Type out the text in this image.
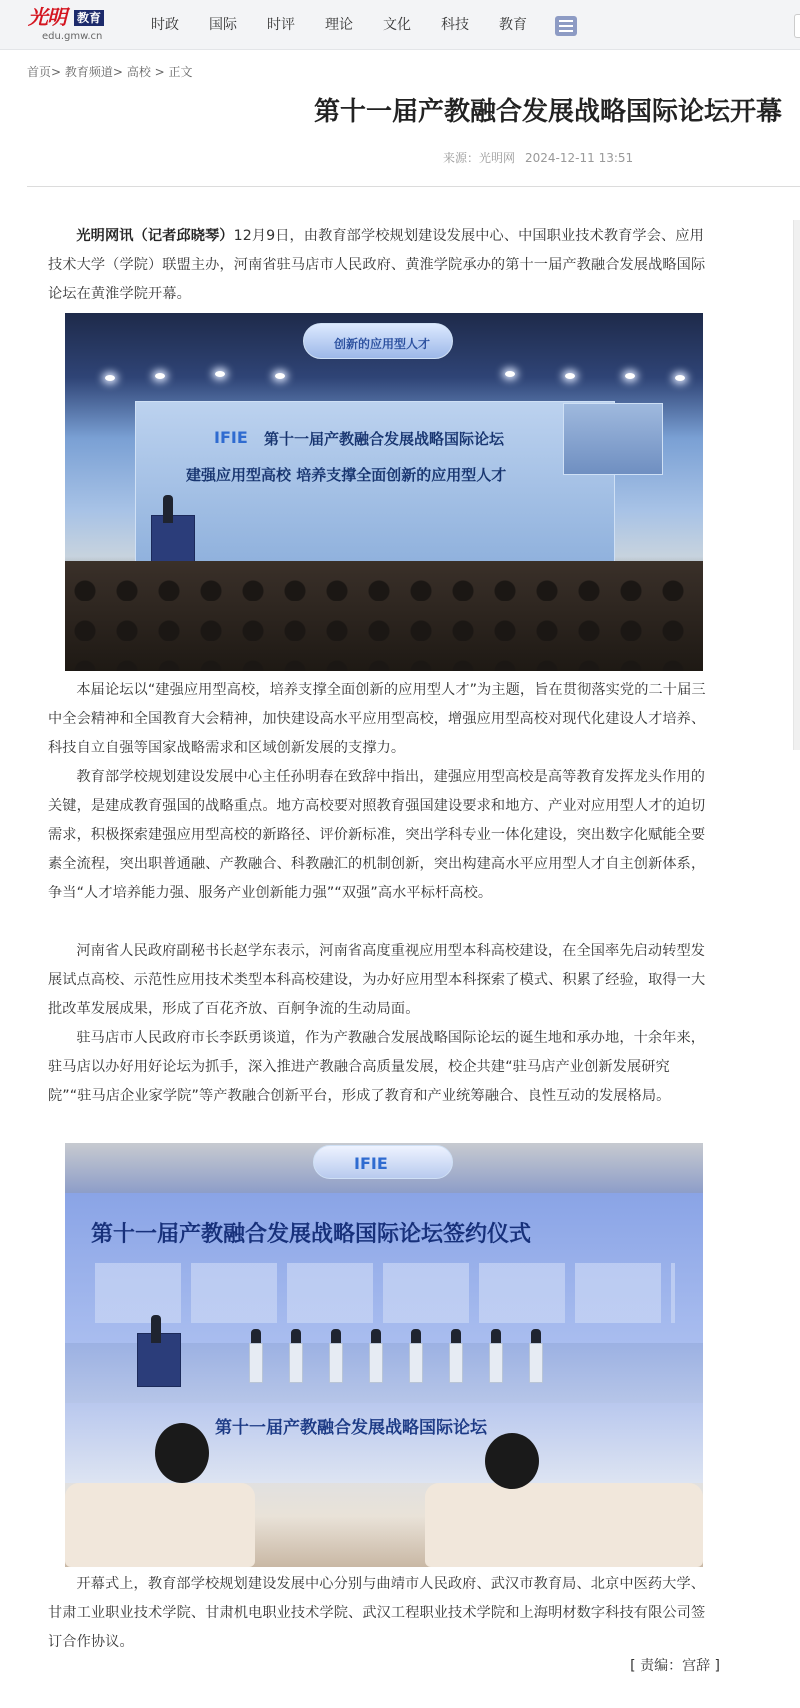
光明 教育
edu.gmw.cn
时政 国际 时评 理论 文化 科技 教育
首页> 教育频道> 高校 > 正文
第十一届产教融合发展战略国际论坛开幕
来源：光明网 2024-12-11 13:51

光明网讯（记者邱晓琴）12月9日，由教育部学校规划建设发展中心、中国职业技术教育学会、应用技术大学（学院）联盟主办，河南省驻马店市人民政府、黄淮学院承办的第十一届产教融合发展战略国际论坛在黄淮学院开幕。

创新的应用型人才
IFIE 第十一届产教融合发展战略国际论坛
建强应用型高校 培养支撑全面创新的应用型人才

本届论坛以“建强应用型高校，培养支撑全面创新的应用型人才”为主题，旨在贯彻落实党的二十届三中全会精神和全国教育大会精神，加快建设高水平应用型高校，增强应用型高校对现代化建设人才培养、科技自立自强等国家战略需求和区域创新发展的支撑力。

教育部学校规划建设发展中心主任孙明春在致辞中指出，建强应用型高校是高等教育发挥龙头作用的关键，是建成教育强国的战略重点。地方高校要对照教育强国建设要求和地方、产业对应用型人才的迫切需求，积极探索建强应用型高校的新路径、评价新标准，突出学科专业一体化建设，突出数字化赋能全要素全流程，突出职普通融、产教融合、科教融汇的机制创新，突出构建高水平应用型人才自主创新体系，争当“人才培养能力强、服务产业创新能力强”“双强”高水平标杆高校。

河南省人民政府副秘书长赵学东表示，河南省高度重视应用型本科高校建设，在全国率先启动转型发展试点高校、示范性应用技术类型本科高校建设，为办好应用型本科探索了模式、积累了经验，取得一大批改革发展成果，形成了百花齐放、百舸争流的生动局面。

驻马店市人民政府市长李跃勇谈道，作为产教融合发展战略国际论坛的诞生地和承办地，十余年来，驻马店以办好用好论坛为抓手，深入推进产教融合高质量发展，校企共建“驻马店产业创新发展研究院”“驻马店企业家学院”等产教融合创新平台，形成了教育和产业统筹融合、良性互动的发展格局。

IFIE
第十一届产教融合发展战略国际论坛签约仪式
第十一届产教融合发展战略国际论坛

开幕式上，教育部学校规划建设发展中心分别与曲靖市人民政府、武汉市教育局、北京中医药大学、甘肃工业职业技术学院、甘肃机电职业技术学院、武汉工程职业技术学院和上海明材数字科技有限公司签订合作协议。

[ 责编：宫辞 ]
